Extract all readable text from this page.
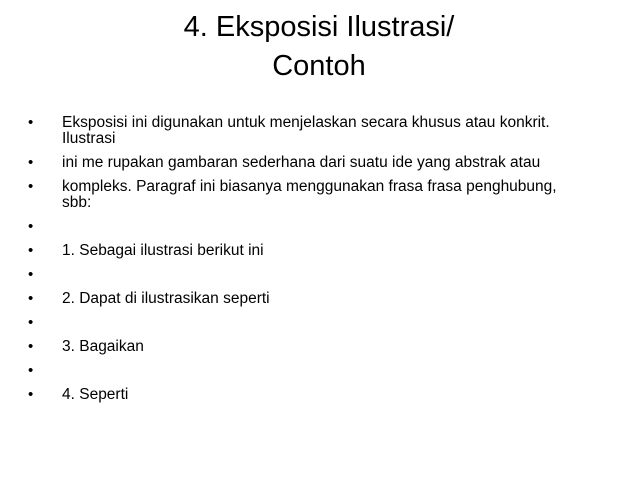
4. Eksposisi Ilustrasi/
Contoh
• Eksposisi ini digunakan untuk menjelaskan secara khusus atau konkrit. Ilustrasi
• ini me rupakan gambaran sederhana dari suatu ide yang abstrak atau
• kompleks. Paragraf ini biasanya menggunakan frasa frasa penghubung, sbb:
•
• 1. Sebagai ilustrasi berikut ini
•
• 2. Dapat di ilustrasikan seperti
•
• 3. Bagaikan
•
• 4. Seperti
